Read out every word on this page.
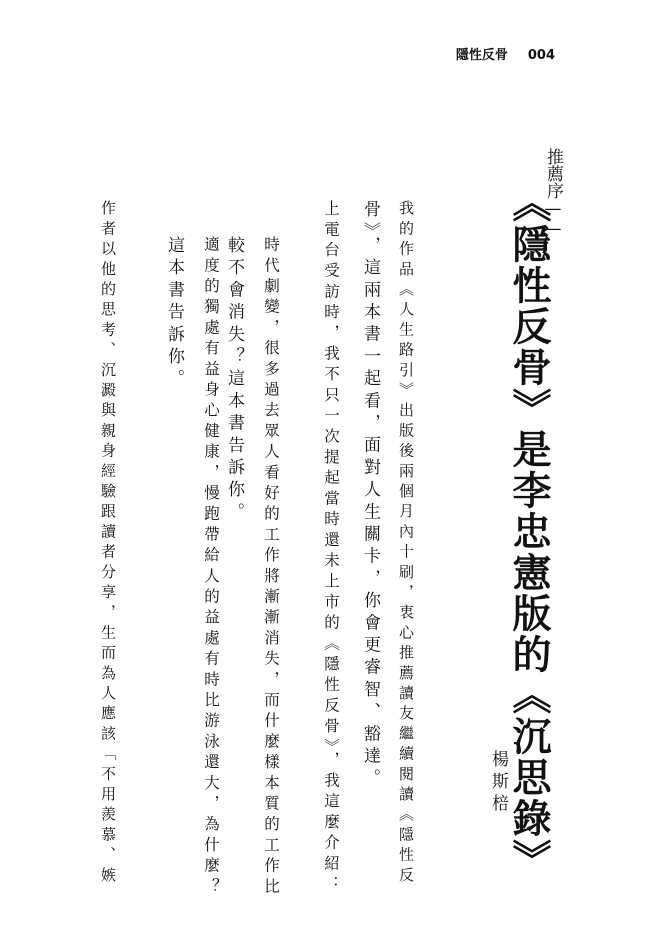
隱性反骨 004
推薦序——
《隱性反骨》是李忠憲版的《沉思錄》
楊斯棓
我的作品《人生路引》出版後兩個月內十刷，衷心推薦讀友繼續閱讀《隱性反
骨》，這兩本書一起看，面對人生關卡，你會更睿智、豁達。
上電台受訪時，我不只一次提起當時還未上市的《隱性反骨》，我這麼介紹：
時代劇變，很多過去眾人看好的工作將漸漸消失，而什麼樣本質的工作比
較不會消失？這本書告訴你。
適度的獨處有益身心健康，慢跑帶給人的益處有時比游泳還大，為什麼？
這本書告訴你。
作者以他的思考、沉澱與親身經驗跟讀者分享，生而為人應該「不用羨慕、嫉
